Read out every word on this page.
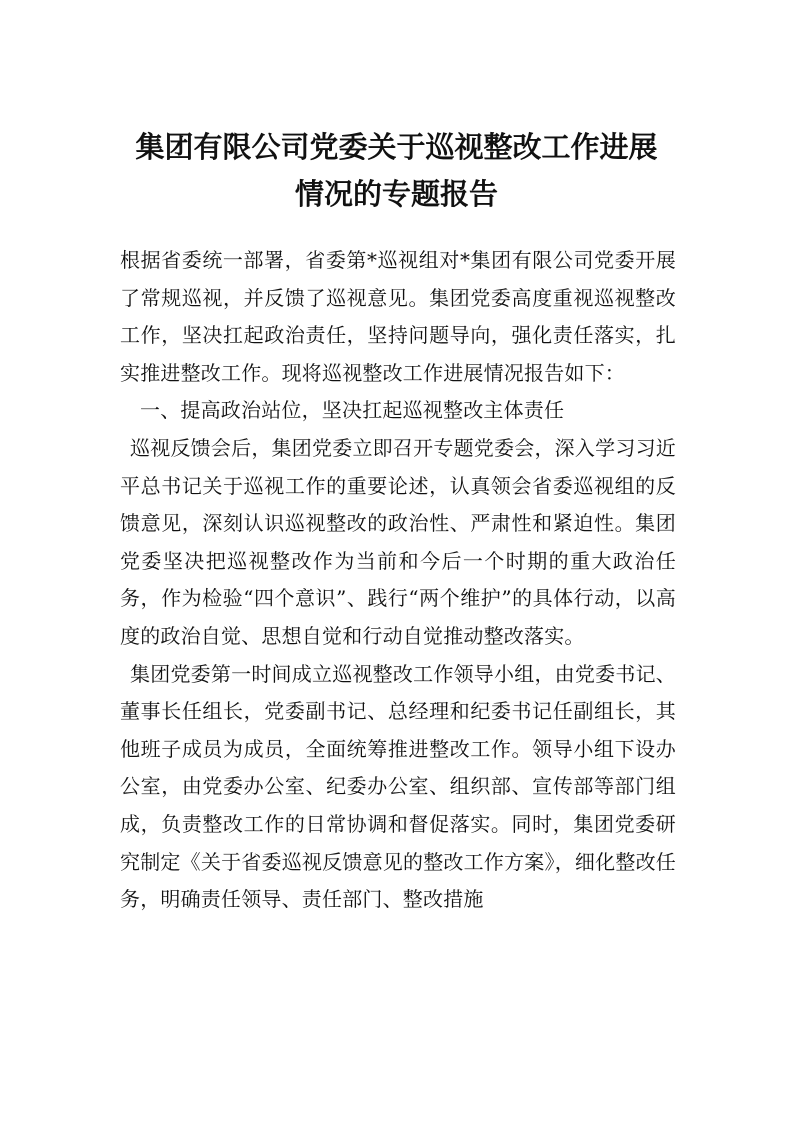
集团有限公司党委关于巡视整改工作进展
情况的专题报告

根据省委统一部署，省委第*巡视组对*集团有限公司党委开展了常规巡视，并反馈了巡视意见。集团党委高度重视巡视整改工作，坚决扛起政治责任，坚持问题导向，强化责任落实，扎实推进整改工作。现将巡视整改工作进展情况报告如下：

一、提高政治站位，坚决扛起巡视整改主体责任

巡视反馈会后，集团党委立即召开专题党委会，深入学习习近平总书记关于巡视工作的重要论述，认真领会省委巡视组的反馈意见，深刻认识巡视整改的政治性、严肃性和紧迫性。集团党委坚决把巡视整改作为当前和今后一个时期的重大政治任务，作为检验“四个意识”、践行“两个维护”的具体行动，以高度的政治自觉、思想自觉和行动自觉推动整改落实。

集团党委第一时间成立巡视整改工作领导小组，由党委书记、董事长任组长，党委副书记、总经理和纪委书记任副组长，其他班子成员为成员，全面统筹推进整改工作。领导小组下设办公室，由党委办公室、纪委办公室、组织部、宣传部等部门组成，负责整改工作的日常协调和督促落实。同时，集团党委研究制定《关于省委巡视反馈意见的整改工作方案》，细化整改任务，明确责任领导、责任部门、整改措施
